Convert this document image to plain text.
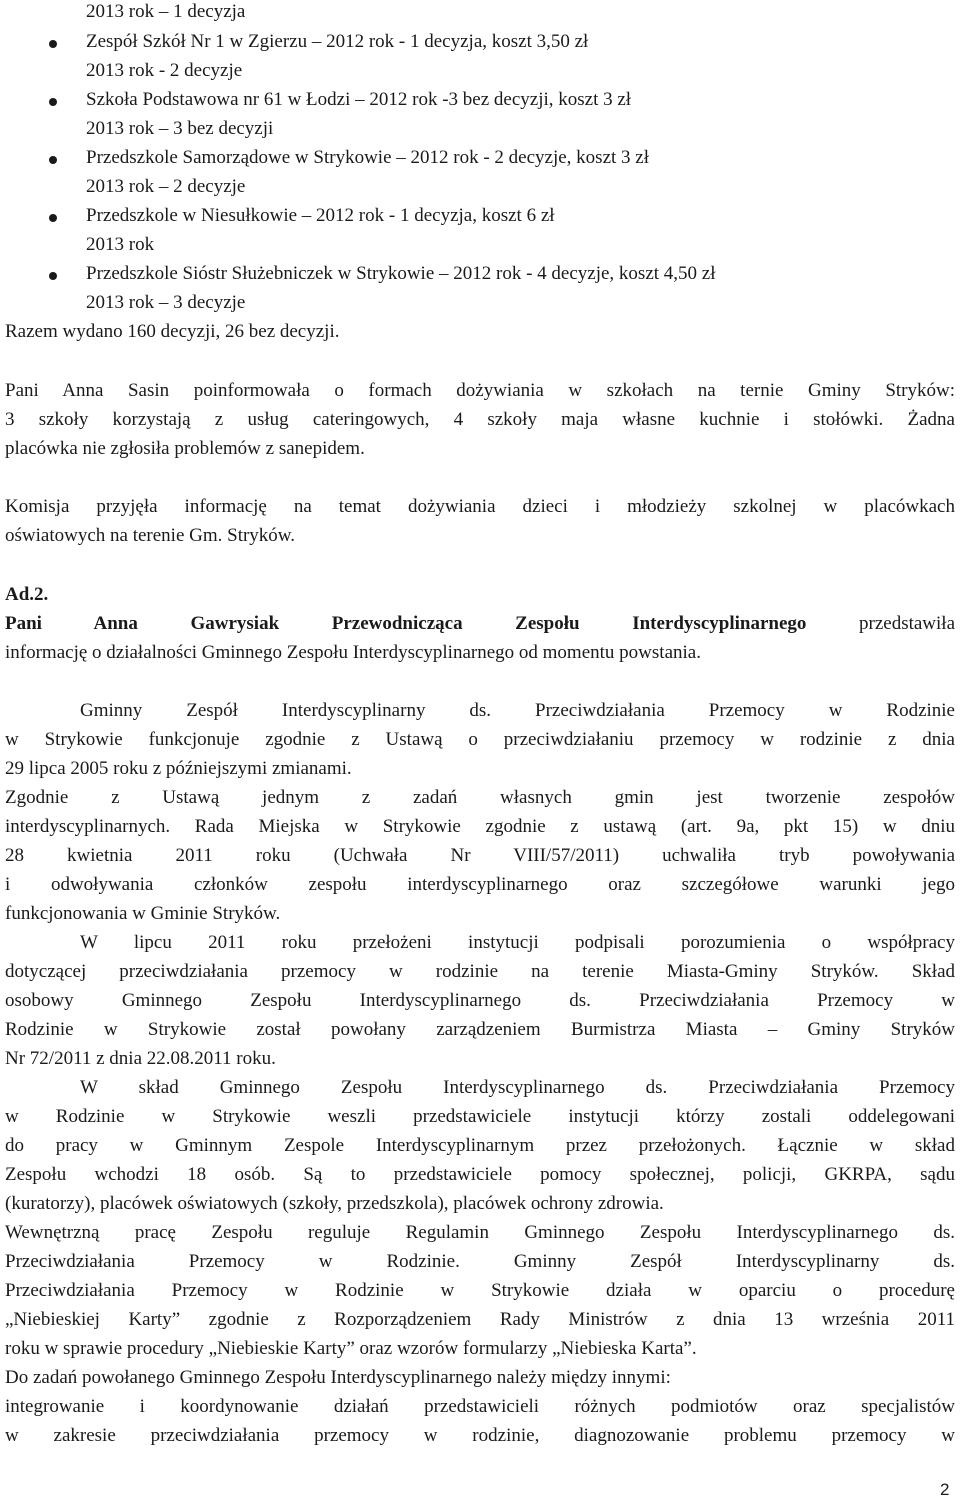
2013 rok – 1 decyzja

Zespół Szkół Nr 1 w Zgierzu – 2012 rok - 1 decyzja, koszt 3,50 zł

2013 rok - 2 decyzje

Szkoła Podstawowa nr 61 w Łodzi – 2012 rok -3 bez decyzji, koszt 3 zł

2013 rok – 3 bez decyzji

Przedszkole Samorządowe w Strykowie – 2012 rok - 2 decyzje, koszt 3 zł

2013 rok – 2 decyzje

Przedszkole w Niesułkowie – 2012 rok - 1 decyzja, koszt 6 zł

2013 rok

Przedszkole Sióstr Służebniczek w Strykowie – 2012 rok - 4 decyzje, koszt 4,50 zł

2013 rok – 3 decyzje

Razem wydano 160 decyzji, 26 bez decyzji.

Pani Anna Sasin poinformowała o formach dożywiania w szkołach na ternie Gminy Stryków:

3 szkoły korzystają z usług cateringowych, 4 szkoły maja własne kuchnie i stołówki. Żadna

placówka nie zgłosiła problemów z sanepidem.

Komisja przyjęła informację na temat dożywiania dzieci i młodzieży szkolnej w placówkach

oświatowych na terenie Gm. Stryków.

Ad.2.

Pani Anna Gawrysiak Przewodnicząca Zespołu Interdyscyplinarnego	przedstawiła

informację o działalności Gminnego Zespołu Interdyscyplinarnego od momentu powstania.

Gminny Zespół Interdyscyplinarny ds. Przeciwdziałania Przemocy w Rodzinie

w Strykowie funkcjonuje zgodnie z Ustawą o przeciwdziałaniu przemocy w rodzinie z dnia

29 lipca 2005 roku z późniejszymi zmianami.

Zgodnie z Ustawą jednym z zadań własnych gmin jest tworzenie zespołów

interdyscyplinarnych. Rada Miejska w Strykowie zgodnie z ustawą (art. 9a, pkt 15) w dniu

28 kwietnia 2011 roku (Uchwała Nr VIII/57/2011) uchwaliła tryb powoływania

i odwoływania członków zespołu interdyscyplinarnego oraz szczegółowe warunki jego

funkcjonowania w Gminie Stryków.

W lipcu 2011 roku przełożeni instytucji podpisali porozumienia o współpracy

dotyczącej przeciwdziałania przemocy w rodzinie na terenie Miasta-Gminy Stryków. Skład

osobowy Gminnego Zespołu Interdyscyplinarnego ds. Przeciwdziałania Przemocy w

Rodzinie w Strykowie został powołany zarządzeniem Burmistrza Miasta – Gminy Stryków

Nr 72/2011 z dnia 22.08.2011 roku.

W skład Gminnego Zespołu Interdyscyplinarnego ds. Przeciwdziałania Przemocy

w Rodzinie w Strykowie weszli przedstawiciele instytucji którzy zostali oddelegowani

do pracy w Gminnym Zespole Interdyscyplinarnym przez przełożonych. Łącznie w skład

Zespołu wchodzi 18 osób. Są to przedstawiciele pomocy społecznej, policji, GKRPA, sądu

(kuratorzy), placówek oświatowych (szkoły, przedszkola), placówek ochrony zdrowia.

Wewnętrzną pracę Zespołu reguluje Regulamin Gminnego Zespołu Interdyscyplinarnego ds.

Przeciwdziałania Przemocy w Rodzinie. Gminny Zespół Interdyscyplinarny ds.

Przeciwdziałania Przemocy w Rodzinie w Strykowie działa w oparciu o procedurę

„Niebieskiej Karty” zgodnie z Rozporządzeniem Rady Ministrów z dnia 13 września 2011

roku w sprawie procedury „Niebieskie Karty” oraz wzorów formularzy „Niebieska Karta”.

Do zadań powołanego Gminnego Zespołu Interdyscyplinarnego należy między innymi:

integrowanie i koordynowanie działań przedstawicieli różnych podmiotów oraz specjalistów

w zakresie przeciwdziałania przemocy w rodzinie, diagnozowanie problemu przemocy w

2
